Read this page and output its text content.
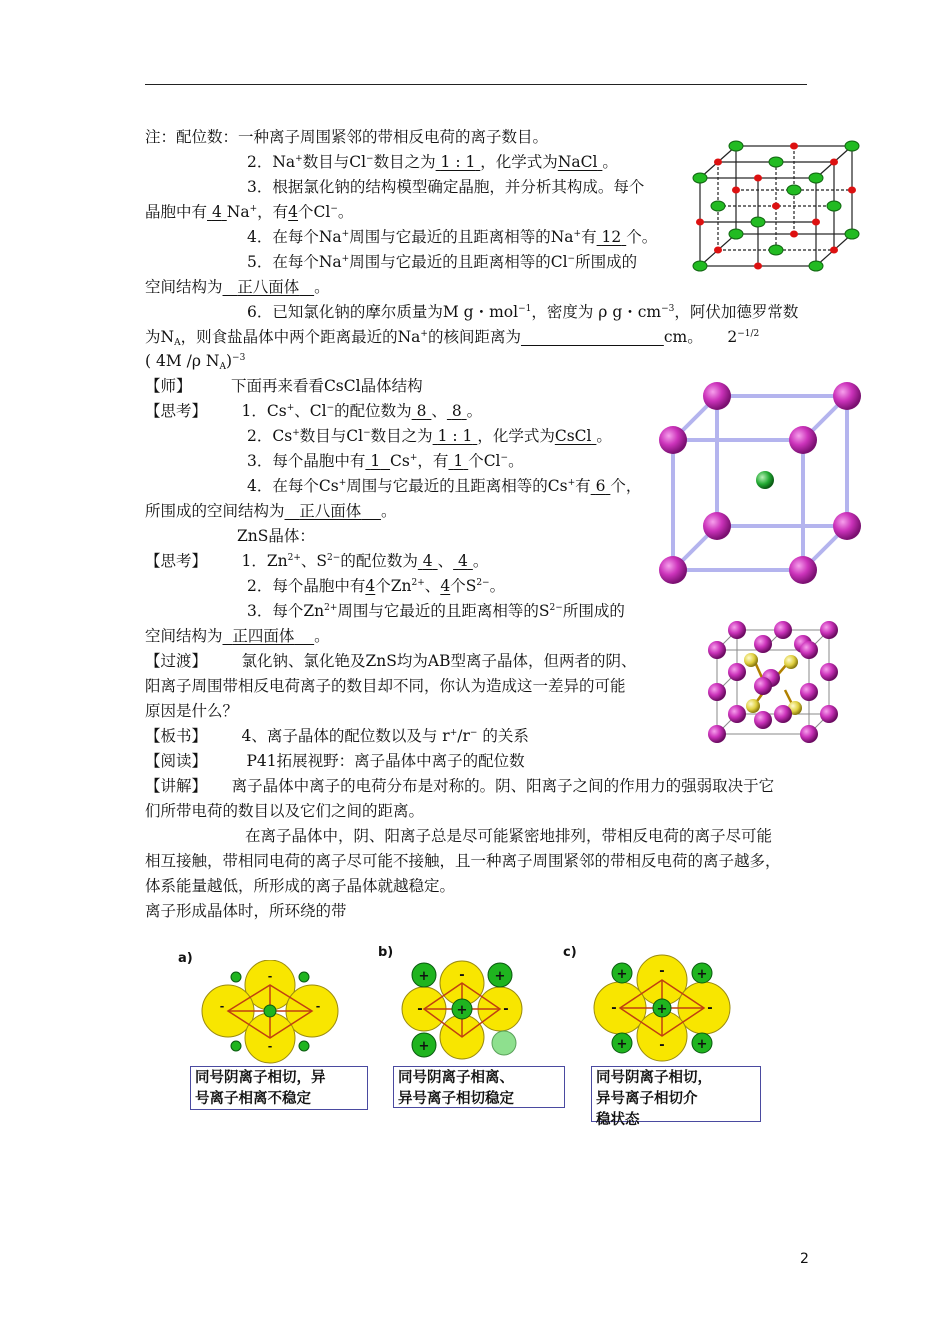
注：配位数：一种离子周围紧邻的带相反电荷的离子数目。
2．Na+数目与Cl−数目之为 1 : 1 ，化学式为NaCl 。
3．根据氯化钠的结构模型确定晶胞，并分析其构成。每个
晶胞中有 4 Na+，有4个Cl−。
4．在每个Na+周围与它最近的且距离相等的Na+有 12 个。
5．在每个Na+周围与它最近的且距离相等的Cl−所围成的
空间结构为 正八面体 。
6．已知氯化钠的摩尔质量为M g・mol$^{-1}$，密度为 ρ g・$cm^{-3}$，阿伏加德罗常数
为$N_A$，则食盐晶体中两个距离最近的Na+的核间距离为	cm。 $2^{-1/2}$
( 4M /ρ $N_A)^{-3}$
【师】	下面再来看看CsCl晶体结构
【思考】 1．Cs+、Cl−的配位数为 8 、 8 。
2．Cs+数目与Cl−数目之为 1 : 1 ，化学式为CsCl 。
3．每个晶胞中有 1 Cs+，有 1 个Cl−。
4．在每个Cs+周围与它最近的且距离相等的Cs+有 6 个，
所围成的空间结构为 正八面体 。
ZnS晶体：
【思考】 1．$Zn^{2+}$、$S^{2-}$的配位数为 4 、 4 。
2．每个晶胞中有4个$Zn^{2+}$、4个$S^{2-}$。
3．每个$Zn^{2+}$周围与它最近的且距离相等的$S^{2-}$所围成的
空间结构为 正四面体 。
【过渡】 氯化钠、氯化铯及ZnS均为AB型离子晶体，但两者的阴、
阳离子周围带相反电荷离子的数目却不同，你认为造成这一差异的可能
原因是什么？
【板书】 4、离子晶体的配位数以及与 r+/r− 的关系
【阅读】	P41拓展视野：离子晶体中离子的配位数
【讲解】 离子晶体中离子的电荷分布是对称的。阴、阳离子之间的作用力的强弱取决于它
们所带电荷的数目以及它们之间的距离。
在离子晶体中，阴、阳离子总是尽可能紧密地排列，带相反电荷的离子尽可能
相互接触，带相同电荷的离子尽可能不接触，且一种离子周围紧邻的带相反电荷的离子越多，
体系能量越低，所形成的离子晶体就越稳定。
离子形成晶体时，所环绕的带
a)	b)	c)
-
-	-
-
同号阴离子相切，异
号离子相离不稳定
+
+	+
+
-
-	-
同号阴离子相离、
异号离子相切稳定
+
+	+
+	+
-
-	-
-
同号阴离子相切，
异号离子相切介
稳状态
2
